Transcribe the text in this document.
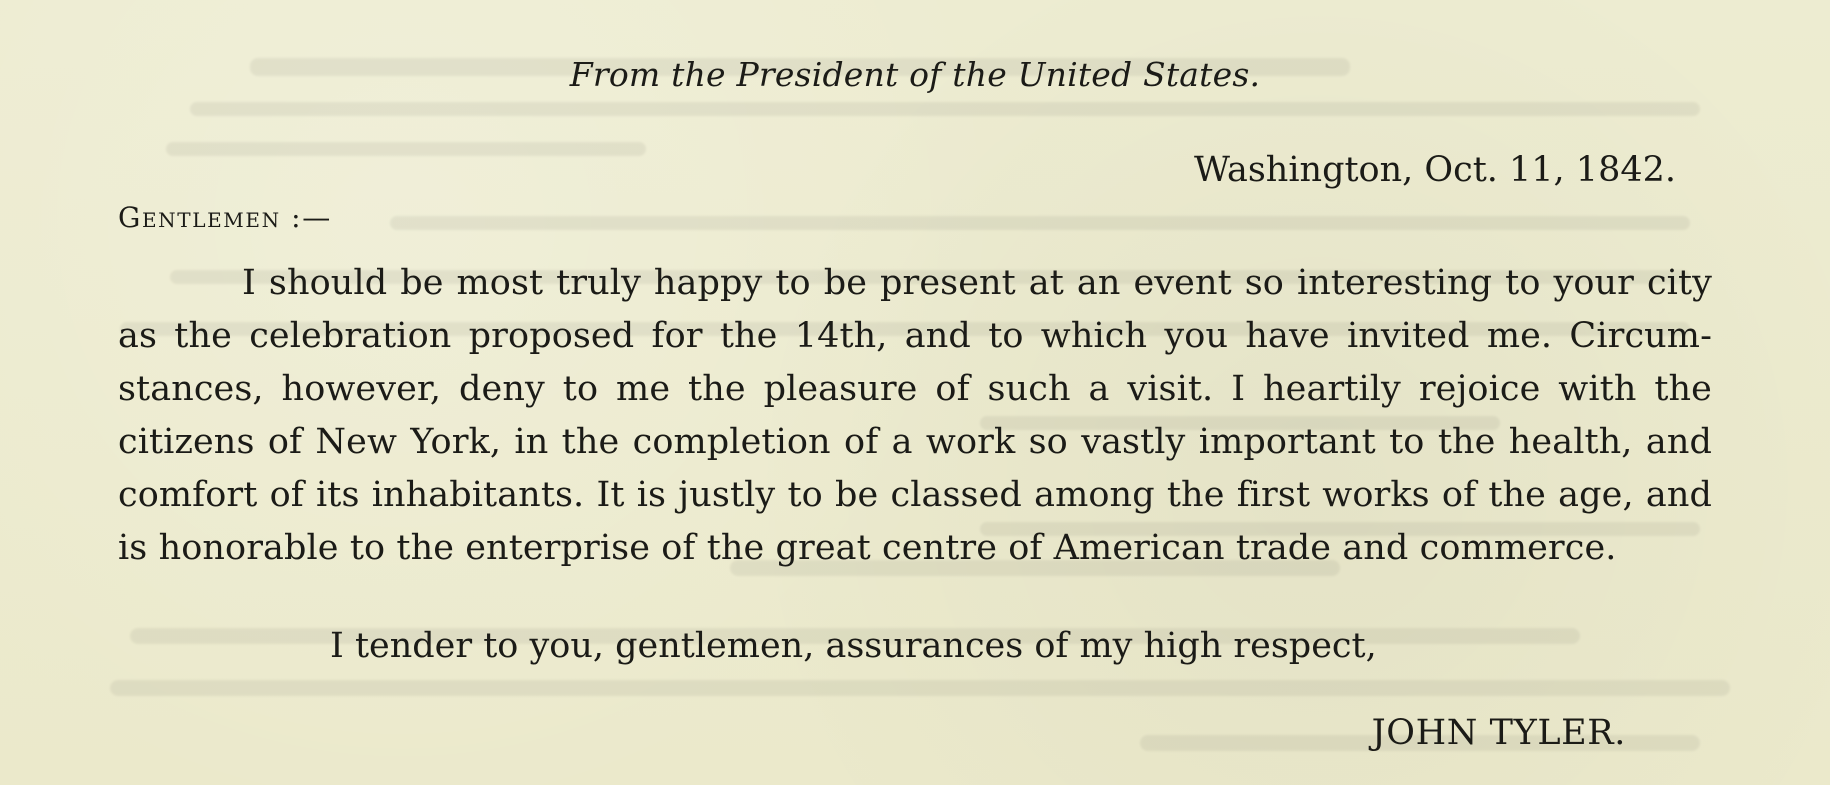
From the President of the United States.
Washington, Oct. 11, 1842.
Gentlemen :—
I should be most truly happy to be present at an event so interesting to your city
as the celebration proposed for the 14th, and to which you have invited me. Circum-
stances, however, deny to me the pleasure of such a visit. I heartily rejoice with the
citizens of New York, in the completion of a work so vastly important to the health, and
comfort of its inhabitants. It is justly to be classed among the first works of the age, and
is honorable to the enterprise of the great centre of American trade and commerce.
I tender to you, gentlemen, assurances of my high respect,
JOHN TYLER.
